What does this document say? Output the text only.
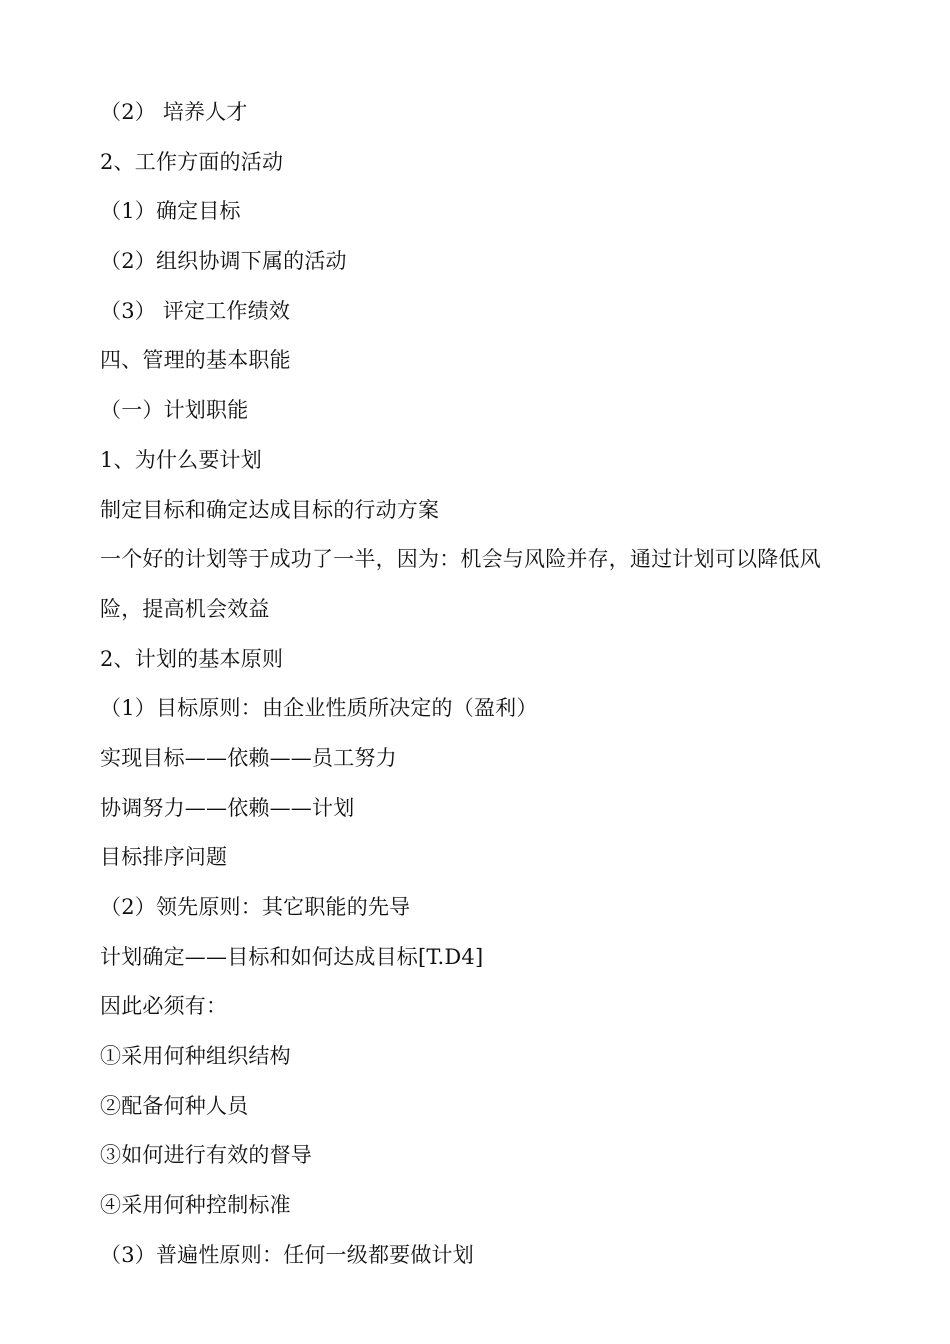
（2） 培养人才
2、工作方面的活动
（1）确定目标
（2）组织协调下属的活动
（3） 评定工作绩效
四、管理的基本职能
（一）计划职能
1、为什么要计划
制定目标和确定达成目标的行动方案
一个好的计划等于成功了一半，因为：机会与风险并存，通过计划可以降低风
险，提高机会效益
2、计划的基本原则
（1）目标原则：由企业性质所决定的（盈利）
实现目标——依赖——员工努力
协调努力——依赖——计划
目标排序问题
（2）领先原则：其它职能的先导
计划确定——目标和如何达成目标[T.D4]
因此必须有：
①采用何种组织结构
②配备何种人员
③如何进行有效的督导
④采用何种控制标准
（3）普遍性原则：任何一级都要做计划
